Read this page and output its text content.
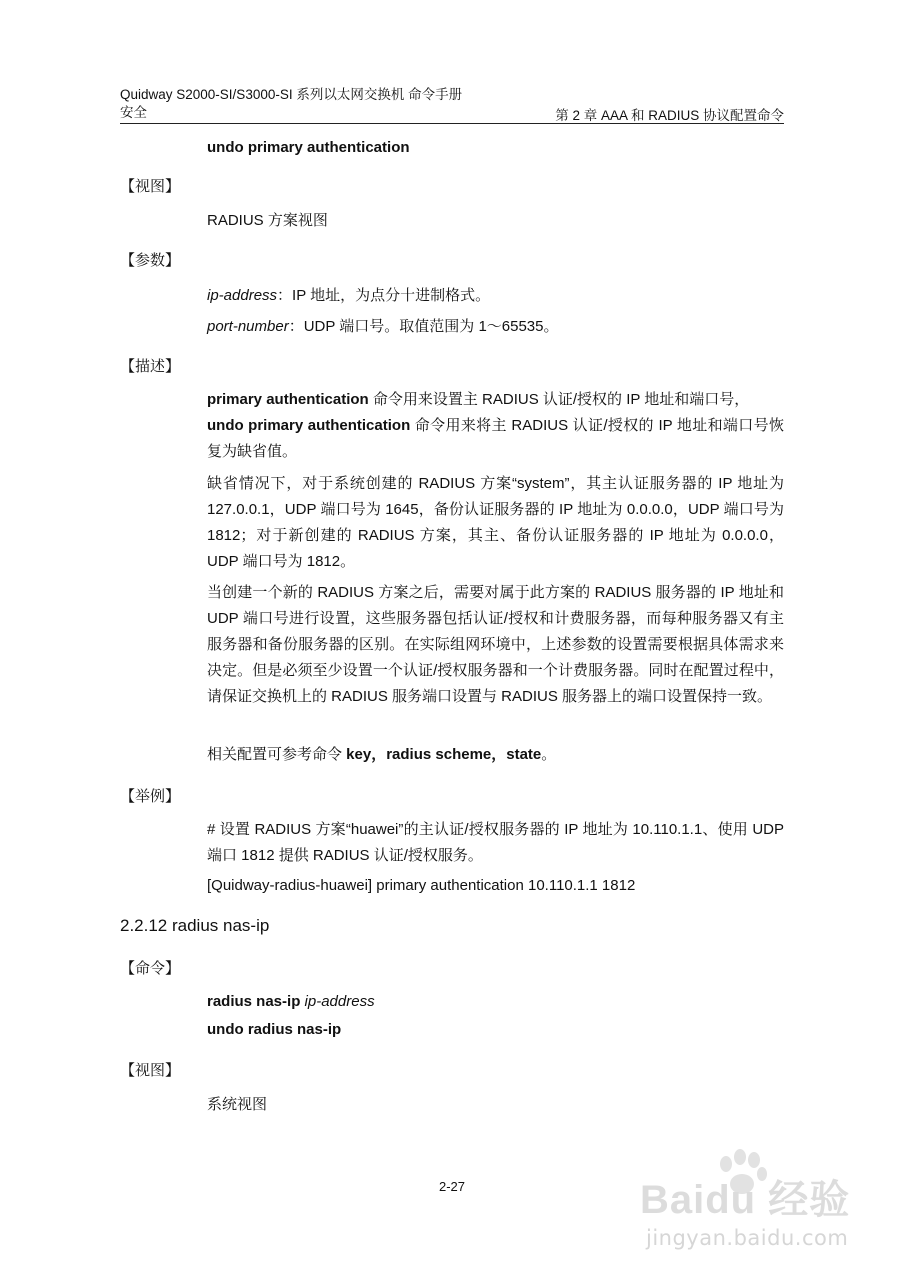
Quidway S2000-SI/S3000-SI 系列以太网交换机 命令手册
安全	第 2 章 AAA 和 RADIUS 协议配置命令
undo primary authentication
【视图】
RADIUS 方案视图
【参数】
ip-address：IP 地址，为点分十进制格式。
port-number：UDP 端口号。取值范围为 1～65535。
【描述】
primary authentication 命令用来设置主 RADIUS 认证/授权的 IP 地址和端口号，
undo primary authentication 命令用来将主 RADIUS 认证/授权的 IP 地址和端口号恢复为缺省值。
缺省情况下，对于系统创建的 RADIUS 方案“system”，其主认证服务器的 IP 地址为 127.0.0.1，UDP 端口号为 1645，备份认证服务器的 IP 地址为 0.0.0.0，UDP 端口号为 1812；对于新创建的 RADIUS 方案，其主、备份认证服务器的 IP 地址为 0.0.0.0，UDP 端口号为 1812。
当创建一个新的 RADIUS 方案之后，需要对属于此方案的 RADIUS 服务器的 IP 地址和 UDP 端口号进行设置，这些服务器包括认证/授权和计费服务器，而每种服务器又有主服务器和备份服务器的区别。在实际组网环境中，上述参数的设置需要根据具体需求来决定。但是必须至少设置一个认证/授权服务器和一个计费服务器。同时在配置过程中，请保证交换机上的 RADIUS 服务端口设置与 RADIUS 服务器上的端口设置保持一致。
相关配置可参考命令 key，radius scheme，state。
【举例】
# 设置 RADIUS 方案“huawei”的主认证/授权服务器的 IP 地址为 10.110.1.1、使用 UDP 端口 1812 提供 RADIUS 认证/授权服务。
[Quidway-radius-huawei] primary authentication 10.110.1.1 1812
2.2.12 radius nas-ip
【命令】
radius nas-ip ip-address
undo radius nas-ip
【视图】
系统视图
2-27	Baidu 经验
jingyan.baidu.com
